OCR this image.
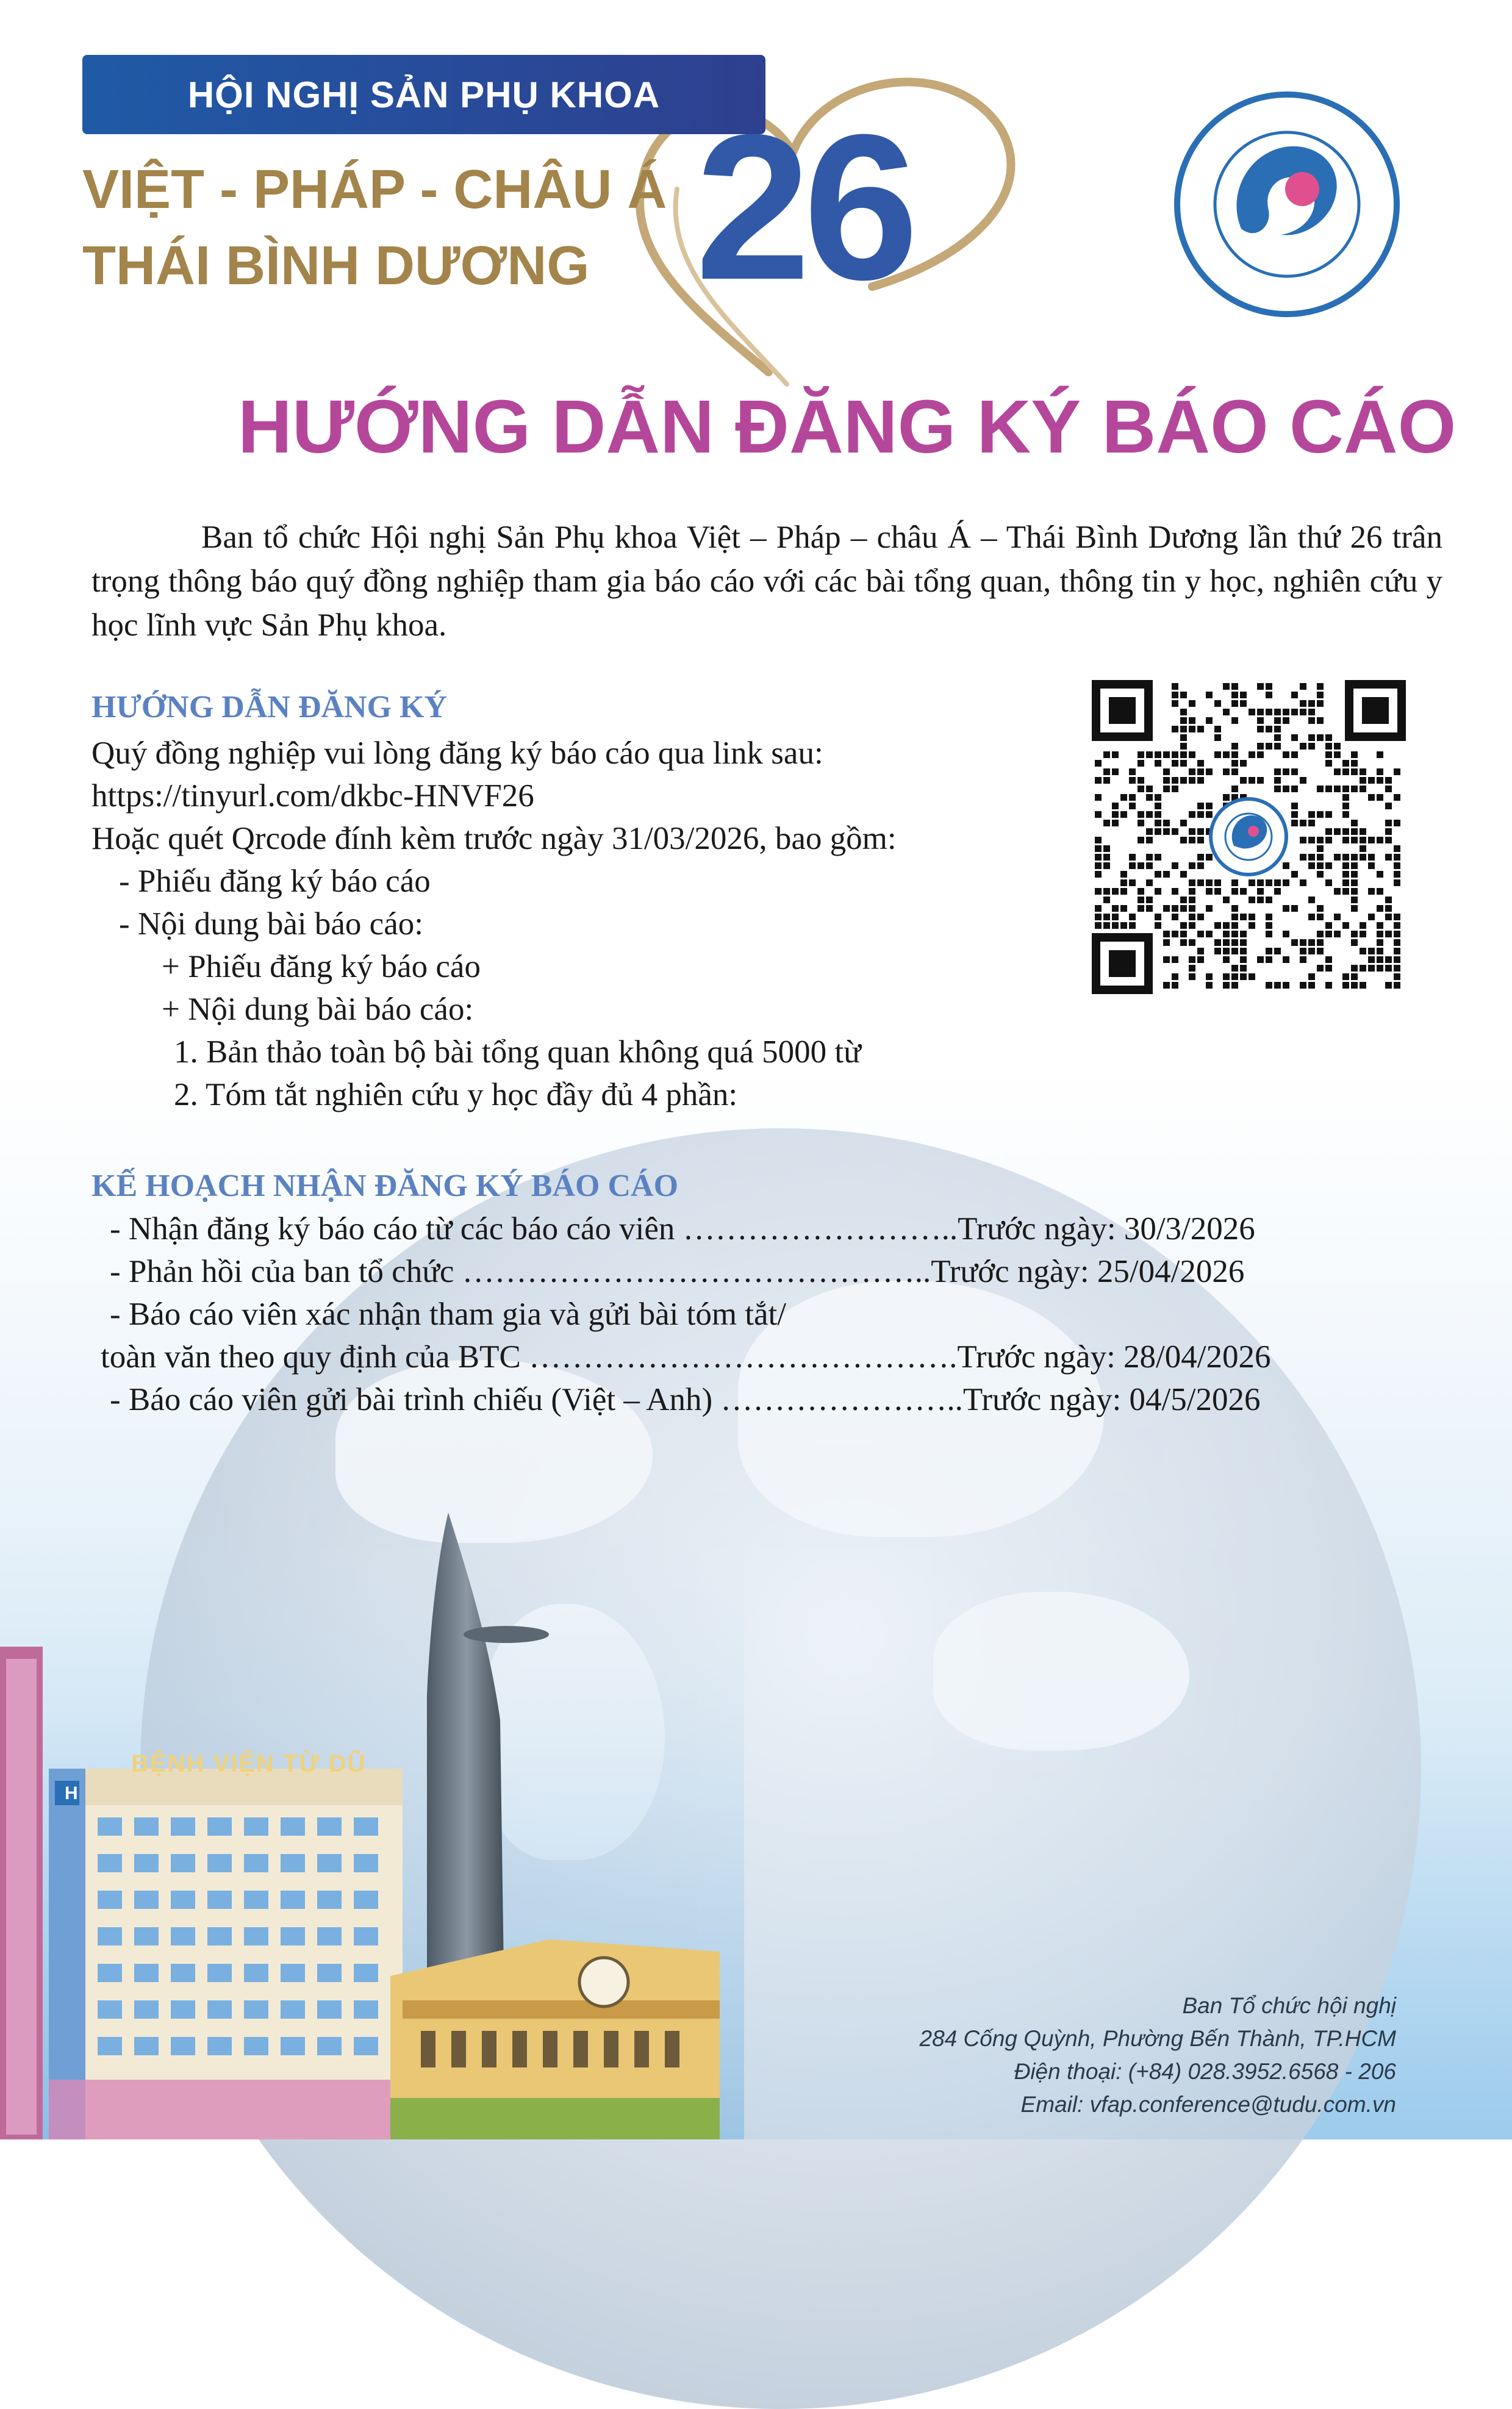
HỘI NGHỊ SẢN PHỤ KHOA
VIỆT - PHÁP - CHÂU Á
THÁI BÌNH DƯƠNG 26
HƯỚNG DẪN ĐĂNG KÝ BÁO CÁO
Ban tổ chức Hội nghị Sản Phụ khoa Việt – Pháp – châu Á – Thái Bình Dương lần thứ 26 trân trọng thông báo quý đồng nghiệp tham gia báo cáo với các bài tổng quan, thông tin y học, nghiên cứu y học lĩnh vực Sản Phụ khoa.
HƯỚNG DẪN ĐĂNG KÝ
Quý đồng nghiệp vui lòng đăng ký báo cáo qua link sau:
https://tinyurl.com/dkbc-HNVF26
Hoặc quét Qrcode đính kèm trước ngày 31/03/2026, bao gồm:
- Phiếu đăng ký báo cáo
- Nội dung bài báo cáo:
+ Phiếu đăng ký báo cáo
+ Nội dung bài báo cáo:
1. Bản thảo toàn bộ bài tổng quan không quá 5000 từ
2. Tóm tắt nghiên cứu y học đầy đủ 4 phần:
KẾ HOẠCH NHẬN ĐĂNG KÝ BÁO CÁO
- Nhận đăng ký báo cáo từ các báo cáo viên ……………………..Trước ngày: 30/3/2026
- Phản hồi của ban tổ chức ……………………………………..Trước ngày: 25/04/2026
- Báo cáo viên xác nhận tham gia và gửi bài tóm tắt/
toàn văn theo quy định của BTC ………………………………….Trước ngày: 28/04/2026
- Báo cáo viên gửi bài trình chiếu (Việt – Anh) …………………..Trước ngày: 04/5/2026
H
BỆNH VIỆN TỪ DŨ
Ban Tổ chức hội nghị
284 Cống Quỳnh, Phường Bến Thành, TP.HCM
Điện thoại: (+84) 028.3952.6568 - 206
Email: vfap.conference@tudu.com.vn
